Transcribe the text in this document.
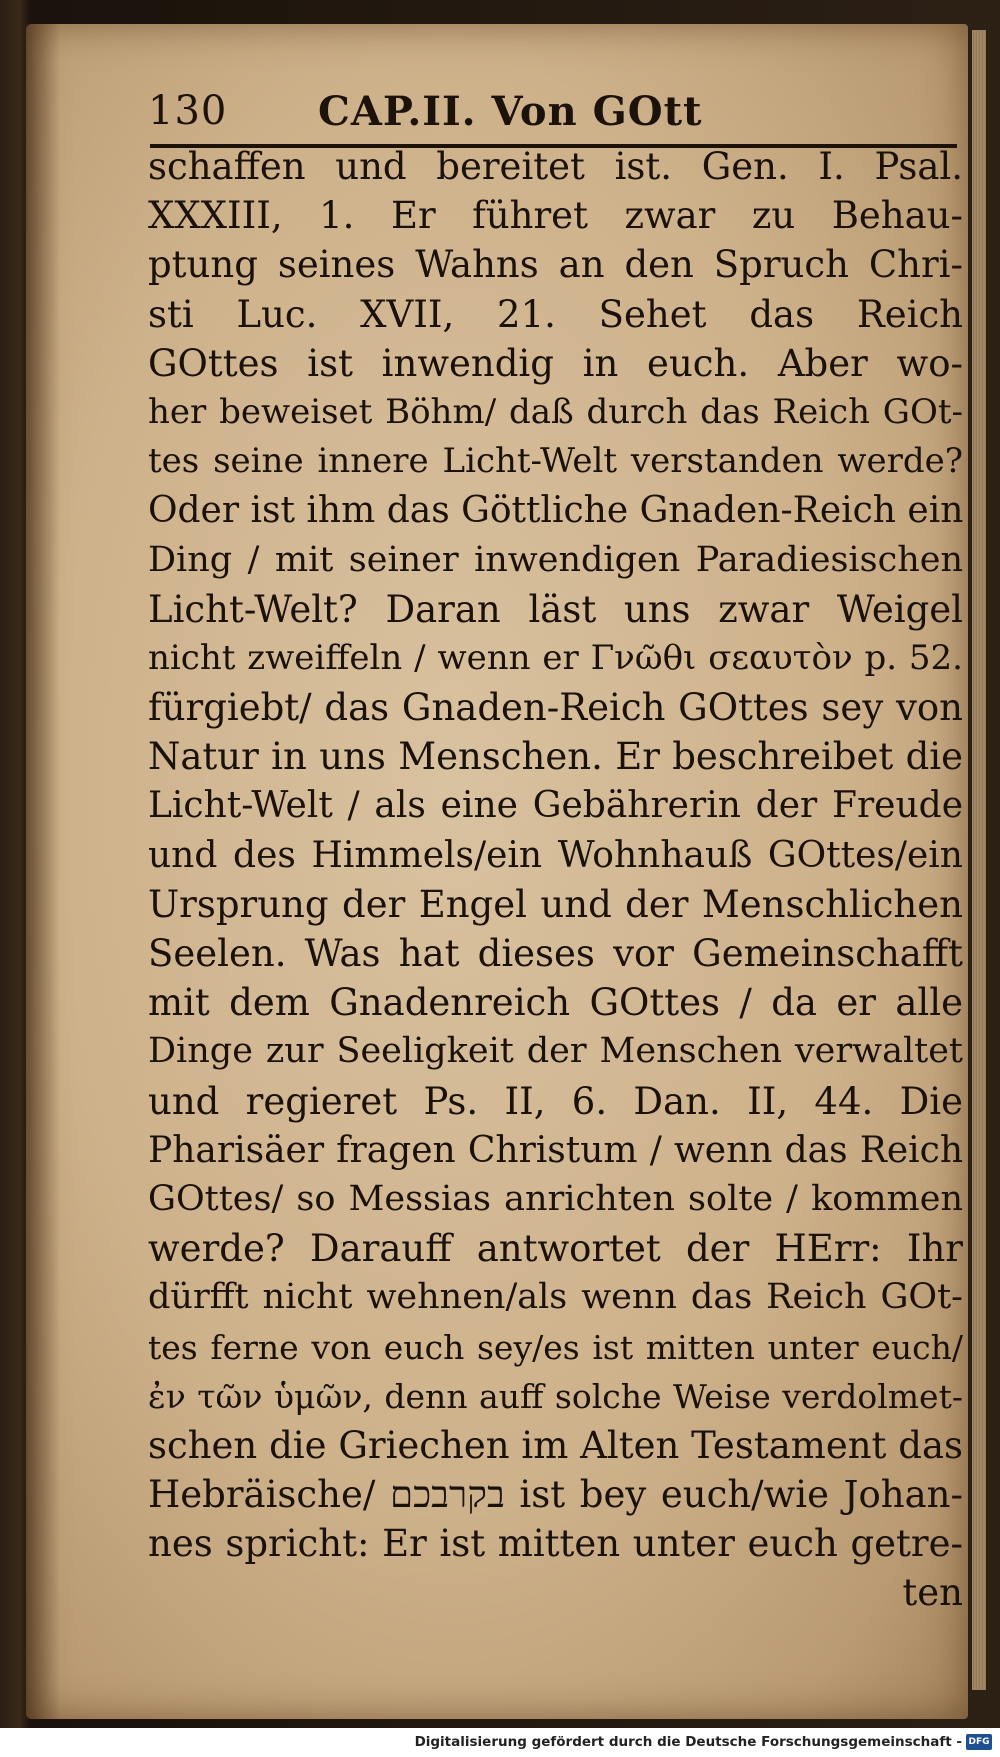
130 CAP.II. Von GOtt
schaffen und bereitet ist. Gen. I. Psal.
XXXIII, 1. Er führet zwar zu Behau-
ptung seines Wahns an den Spruch Chri-
sti Luc. XVII, 21. Sehet das Reich
GOttes ist inwendig in euch. Aber wo-
her beweiset Böhm/ daß durch das Reich GOt-
tes seine innere Licht-Welt verstanden werde?
Oder ist ihm das Göttliche Gnaden-Reich ein
Ding / mit seiner inwendigen Paradiesischen
Licht-Welt? Daran läst uns zwar Weigel
nicht zweiffeln / wenn er Γνῶθι σεαυτὸν p. 52.
fürgiebt/ das Gnaden-Reich GOttes sey von
Natur in uns Menschen. Er beschreibet die
Licht-Welt / als eine Gebährerin der Freude
und des Himmels/ein Wohnhauß GOttes/ein
Ursprung der Engel und der Menschlichen
Seelen. Was hat dieses vor Gemeinschafft
mit dem Gnadenreich GOttes / da er alle
Dinge zur Seeligkeit der Menschen verwaltet
und regieret Ps. II, 6. Dan. II, 44. Die
Pharisäer fragen Christum / wenn das Reich
GOttes/ so Messias anrichten solte / kommen
werde? Darauff antwortet der HErr: Ihr
dürfft nicht wehnen/als wenn das Reich GOt-
tes ferne von euch sey/es ist mitten unter euch/
ἐν τῶν ὑμῶν, denn auff solche Weise verdolmet-
schen die Griechen im Alten Testament das
Hebräische/ בקרבכם ist bey euch/wie Johan-
nes spricht: Er ist mitten unter euch getre-
ten
Digitalisierung gefördert durch die Deutsche Forschungsgemeinschaft - DFG
